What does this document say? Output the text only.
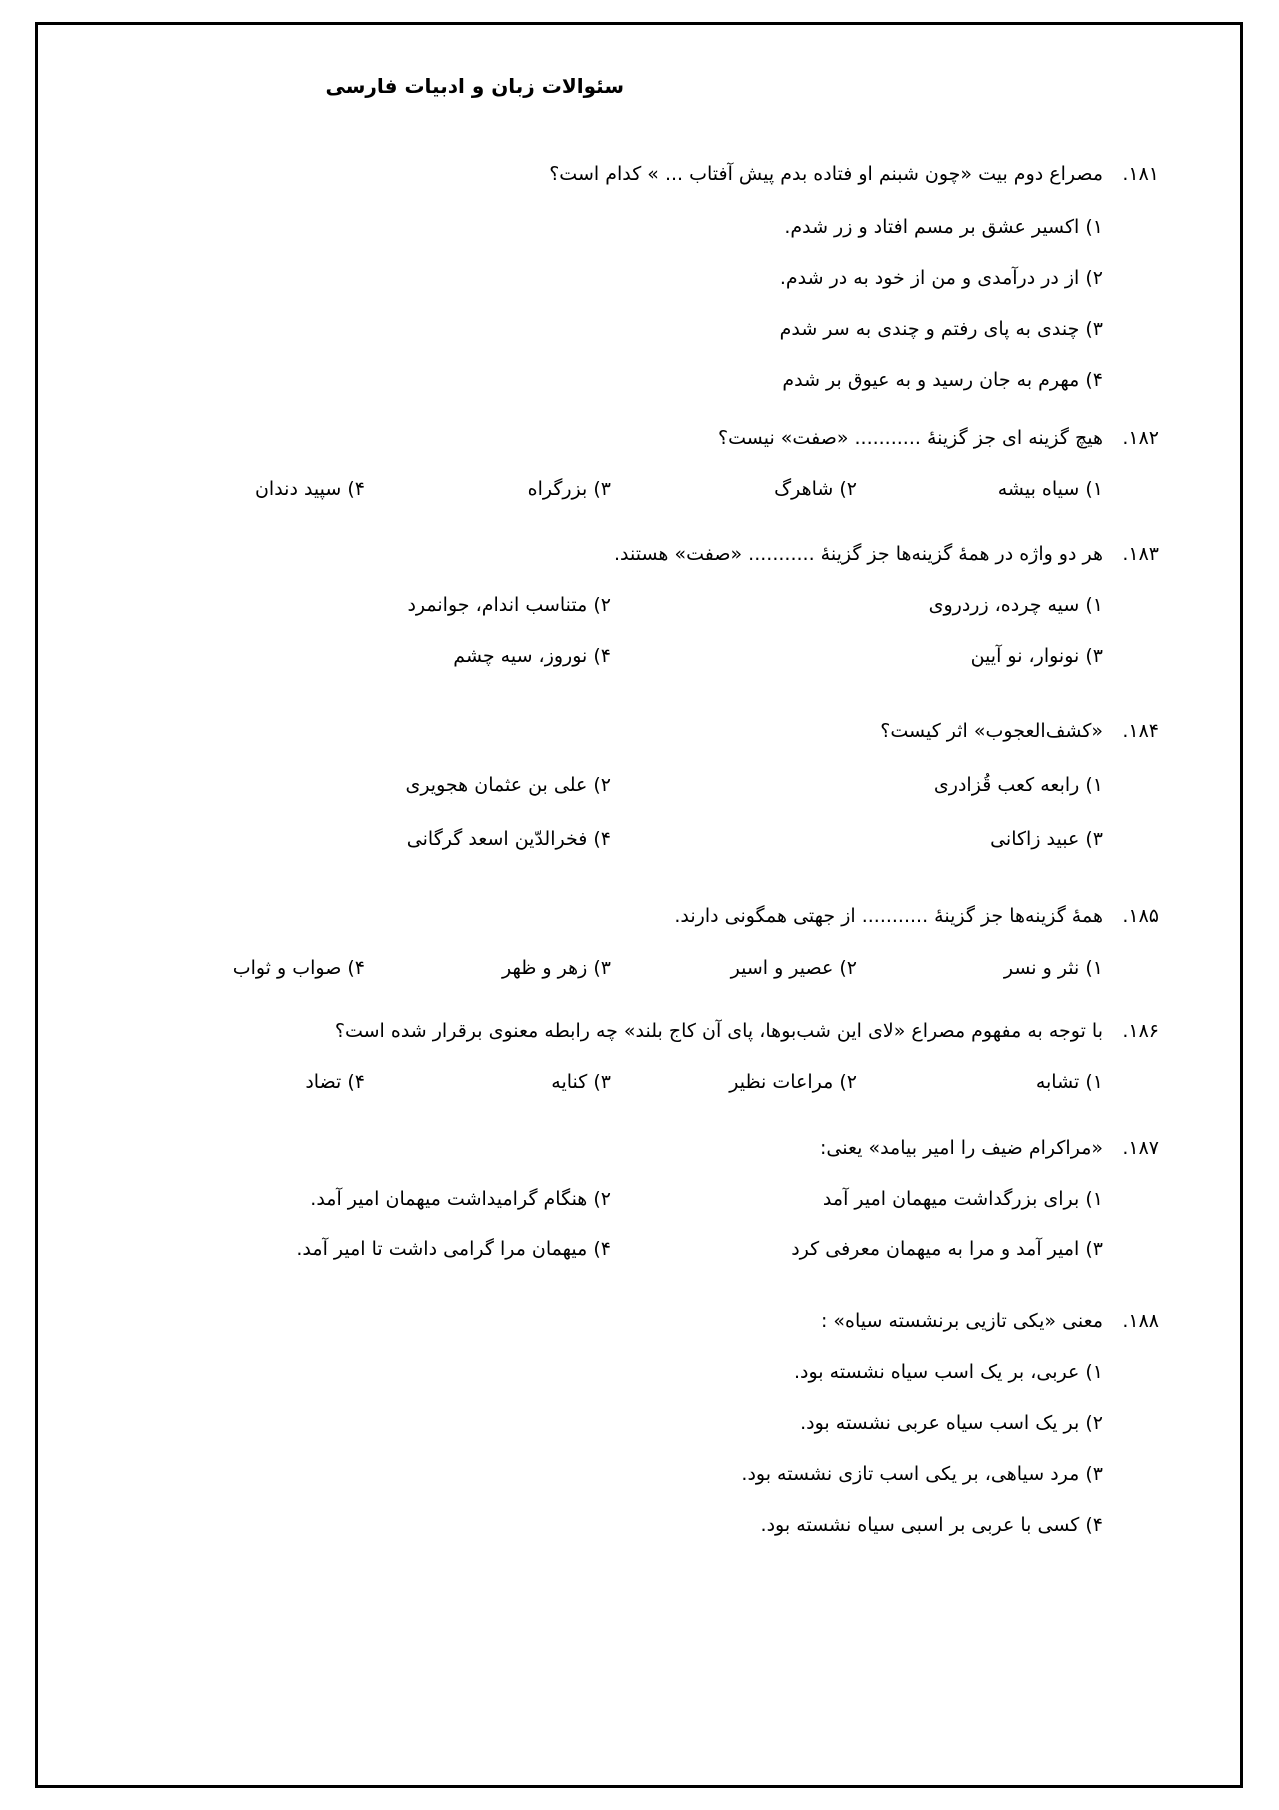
سئوالات زبان و ادبیات فارسی
۱۸۱.
مصراع دوم بیت «چون شبنم او فتاده بدم پیش آفتاب ... » کدام است؟
۱) اکسیر عشق بر مسم افتاد و زر شدم.
۲) از در درآمدی و من از خود به در شدم.
۳) چندی به پای رفتم و چندی به سر شدم
۴) مهرم به جان رسید و به عیوق بر شدم
۱۸۲.
هیچ گزینه ای جز گزینۀ ........... «صفت» نیست؟
۱) سیاه بیشه
۲) شاهرگ
۳) بزرگراه
۴) سپید دندان
۱۸۳.
هر دو واژه در همۀ گزینه‌ها جز گزینۀ ........... «صفت» هستند.
۱) سیه چرده، زردروی
۲) متناسب اندام، جوانمرد
۳) نونوار، نو آیین
۴) نوروز، سیه چشم
۱۸۴.
«کشف‌العجوب» اثر کیست؟
۱) رابعه کعب قُزادری
۲) علی بن عثمان هجویری
۳) عبید زاکانی
۴) فخرالدّین اسعد گرگانی
۱۸۵.
همۀ گزینه‌ها جز گزینۀ ........... از جهتی همگونی دارند.
۱) نثر و نسر
۲) عصیر و اسیر
۳) زهر و ظهر
۴) صواب و ثواب
۱۸۶.
با توجه به مفهوم مصراع «لای این شب‌بوها، پای آن کاج بلند» چه رابطه معنوی برقرار شده است؟
۱) تشابه
۲) مراعات نظیر
۳) کنایه
۴) تضاد
۱۸۷.
«مراکرام ضیف را امیر بیامد» یعنی:
۱) برای بزرگداشت میهمان امیر آمد
۲) هنگام گرامیداشت میهمان امیر آمد.
۳) امیر آمد و مرا به میهمان معرفی کرد
۴) میهمان مرا گرامی داشت تا امیر آمد.
۱۸۸.
معنی «یکی تازیی برنشسته سیاه» :
۱) عربی، بر یک اسب سیاه نشسته بود.
۲) بر یک اسب سیاه عربی نشسته بود.
۳) مرد سیاهی، بر یکی اسب تازی نشسته بود.
۴) کسی با عربی بر اسبی سیاه نشسته بود.
